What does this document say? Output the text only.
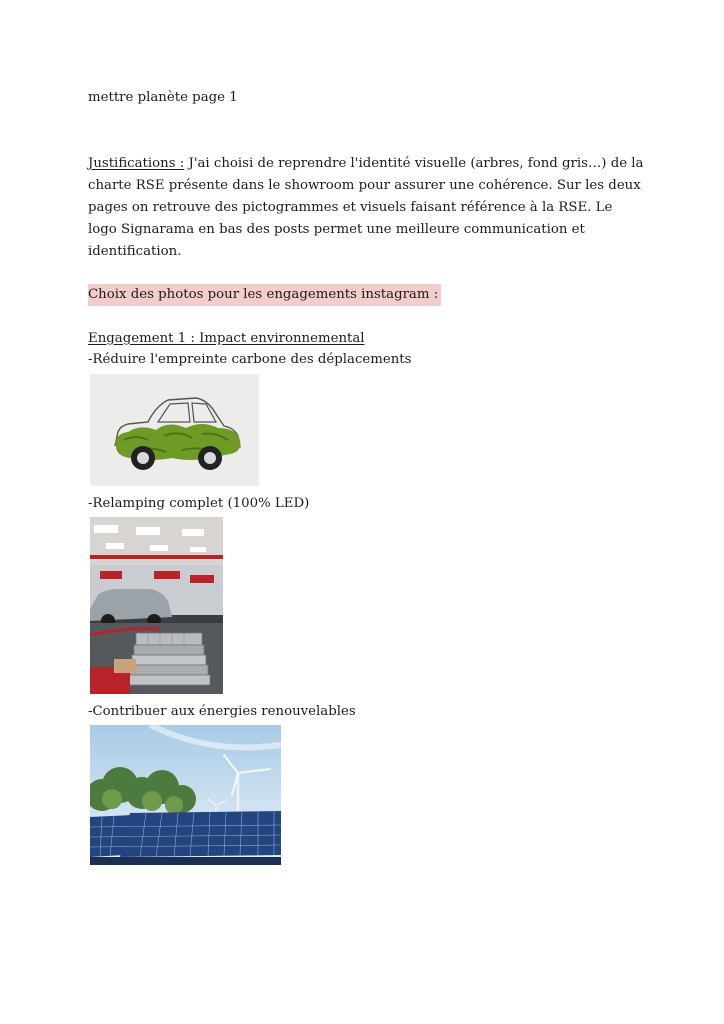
mettre planète page 1

Justifications : J'ai choisi de reprendre l'identité visuelle (arbres, fond gris…) de la charte RSE présente dans le showroom pour assurer une cohérence. Sur les deux pages on retrouve des pictogrammes et visuels faisant référence à la RSE. Le logo Signarama en bas des posts permet une meilleure communication et identification.

Choix des photos pour les engagements instagram :

Engagement 1 : Impact environnemental

-Réduire l'empreinte carbone des déplacements

-Relamping complet (100% LED)

-Contribuer aux énergies renouvelables
